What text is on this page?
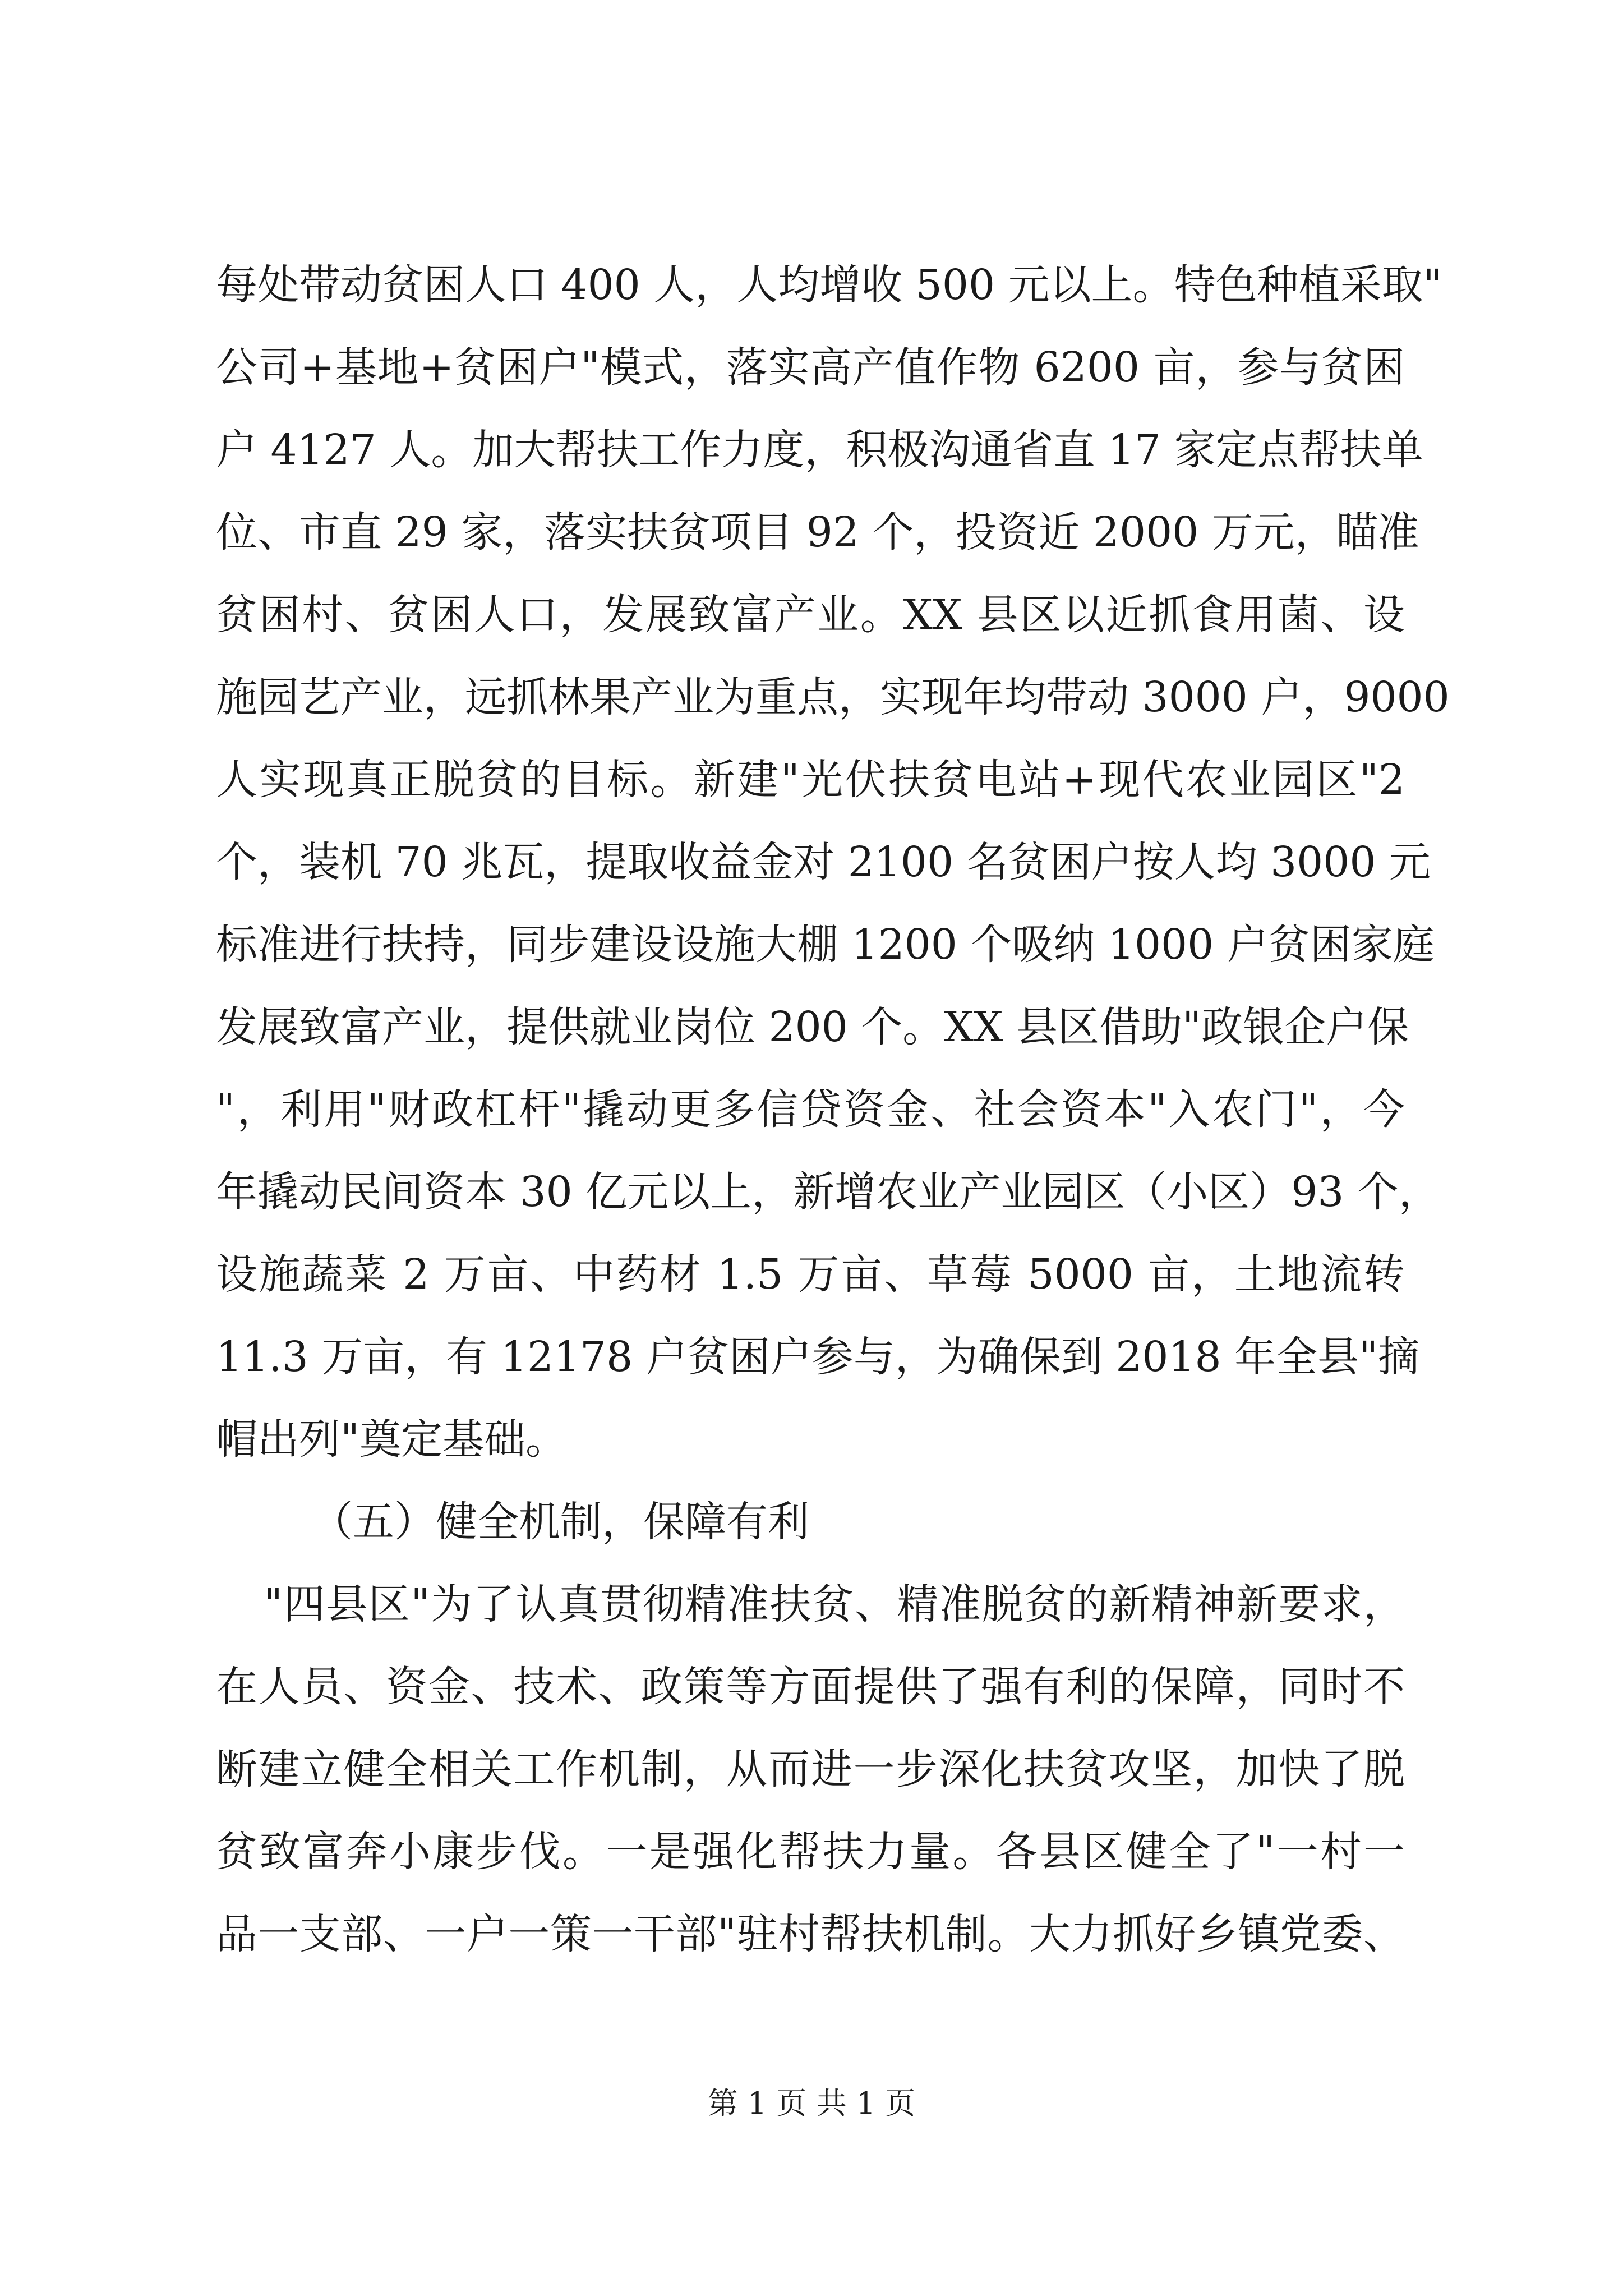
每处带动贫困人口 400 人，人均增收 500 元以上。特色种植采取"
公司+基地+贫困户"模式，落实高产值作物 6200 亩，参与贫困
户 4127 人。加大帮扶工作力度，积极沟通省直 17 家定点帮扶单
位、市直 29 家，落实扶贫项目 92 个，投资近 2000 万元，瞄准
贫困村、贫困人口，发展致富产业。XX 县区以近抓食用菌、设
施园艺产业，远抓林果产业为重点，实现年均带动 3000 户，9000
人实现真正脱贫的目标。新建"光伏扶贫电站+现代农业园区"2
个，装机 70 兆瓦，提取收益金对 2100 名贫困户按人均 3000 元
标准进行扶持，同步建设设施大棚 1200 个吸纳 1000 户贫困家庭
发展致富产业，提供就业岗位 200 个。XX 县区借助"政银企户保
"，利用"财政杠杆"撬动更多信贷资金、社会资本"入农门"，今
年撬动民间资本 30 亿元以上，新增农业产业园区（小区）93 个，
设施蔬菜 2 万亩、中药材 1.5 万亩、草莓 5000 亩，土地流转
11.3 万亩，有 12178 户贫困户参与，为确保到 2018 年全县"摘
帽出列"奠定基础。
（五）健全机制，保障有利
"四县区"为了认真贯彻精准扶贫、精准脱贫的新精神新要求，
在人员、资金、技术、政策等方面提供了强有利的保障，同时不
断建立健全相关工作机制，从而进一步深化扶贫攻坚，加快了脱
贫致富奔小康步伐。一是强化帮扶力量。各县区健全了"一村一
品一支部、一户一策一干部"驻村帮扶机制。大力抓好乡镇党委、
第 1 页 共 1 页
